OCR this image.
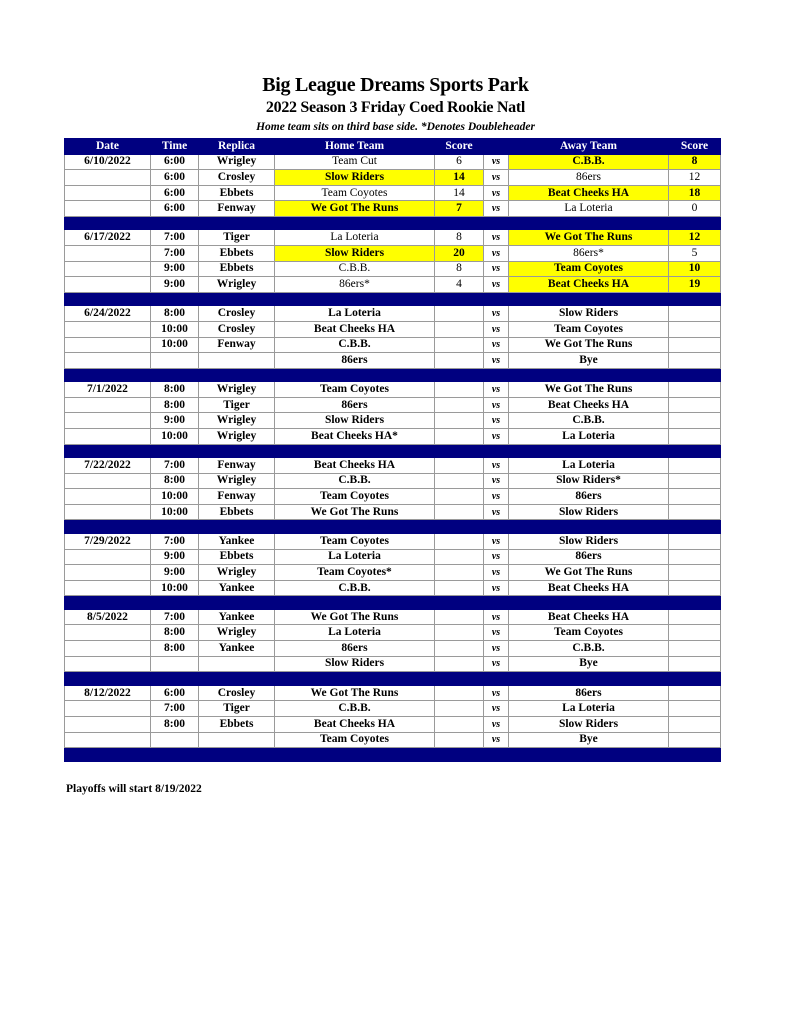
Big League Dreams Sports Park
2022 Season 3 Friday Coed Rookie Natl
Home team sits on third base side. *Denotes Doubleheader
Date	Time	Replica	Home Team	Score		Away Team	Score
6/10/2022	6:00	Wrigley	Team Cut	6	vs	C.B.B.	8
	6:00	Crosley	Slow Riders	14	vs	86ers	12
	6:00	Ebbets	Team Coyotes	14	vs	Beat Cheeks HA	18
	6:00	Fenway	We Got The Runs	7	vs	La Loteria	0

6/17/2022	7:00	Tiger	La Loteria	8	vs	We Got The Runs	12
	7:00	Ebbets	Slow Riders	20	vs	86ers*	5
	9:00	Ebbets	C.B.B.	8	vs	Team Coyotes	10
	9:00	Wrigley	86ers*	4	vs	Beat Cheeks HA	19

6/24/2022	8:00	Crosley	La Loteria		vs	Slow Riders	
	10:00	Crosley	Beat Cheeks HA		vs	Team Coyotes	
	10:00	Fenway	C.B.B.		vs	We Got The Runs	
			86ers		vs	Bye	

7/1/2022	8:00	Wrigley	Team Coyotes		vs	We Got The Runs	
	8:00	Tiger	86ers		vs	Beat Cheeks HA	
	9:00	Wrigley	Slow Riders		vs	C.B.B.	
	10:00	Wrigley	Beat Cheeks HA*		vs	La Loteria	

7/22/2022	7:00	Fenway	Beat Cheeks HA		vs	La Loteria	
	8:00	Wrigley	C.B.B.		vs	Slow Riders*	
	10:00	Fenway	Team Coyotes		vs	86ers	
	10:00	Ebbets	We Got The Runs		vs	Slow Riders	

7/29/2022	7:00	Yankee	Team Coyotes		vs	Slow Riders	
	9:00	Ebbets	La Loteria		vs	86ers	
	9:00	Wrigley	Team Coyotes*		vs	We Got The Runs	
	10:00	Yankee	C.B.B.		vs	Beat Cheeks HA	

8/5/2022	7:00	Yankee	We Got The Runs		vs	Beat Cheeks HA	
	8:00	Wrigley	La Loteria		vs	Team Coyotes	
	8:00	Yankee	86ers		vs	C.B.B.	
			Slow Riders		vs	Bye	

8/12/2022	6:00	Crosley	We Got The Runs		vs	86ers	
	7:00	Tiger	C.B.B.		vs	La Loteria	
	8:00	Ebbets	Beat Cheeks HA		vs	Slow Riders	
			Team Coyotes		vs	Bye	

Playoffs will start 8/19/2022
